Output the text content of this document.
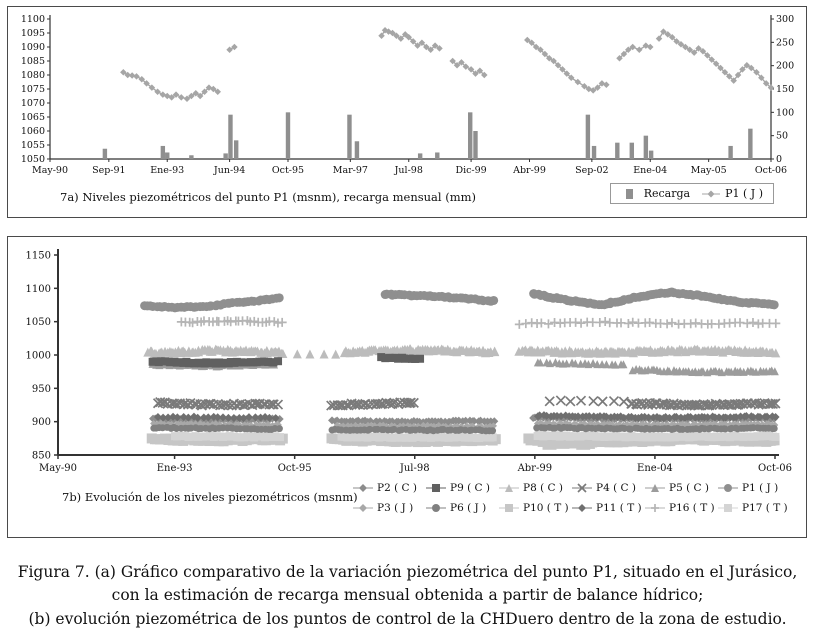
1050
1055
1060
1065
1070
1075
1080
1085
1090
1095
1100
0
50
100
150
200
250
300
May-90	Sep-91	Ene-93	Jun-94	Oct-95	Mar-97	Jul-98	Dic-99	Abr-99	Sep-02	Ene-04 May-05	Oct-06
7a) Niveles piezométricos del punto P1 (msnm), recarga mensual (mm)	Recarga	P1 ( J )
850
900
950
1000
1050
1100
1150
May-90	Ene-93	Oct-95	Jul-98	Abr-99	Ene-04	Oct-06
7b) Evolución de los niveles piezométricos (msnm)
P2 ( C )	P9 ( C )	P8 ( C )	P4 ( C )	P5 ( C )	P1 ( J )
P3 ( J )	P6 ( J )	P10 ( T )	P11 ( T )	P16 ( T )	P17 ( T )
Figura 7. (a) Gráfico comparativo de la variación piezométrica del punto P1, situado en el Jurásico,
con la estimación de recarga mensual obtenida a partir de balance hídrico;
(b) evolución piezométrica de los puntos de control de la CHDuero dentro de la zona de estudio.
